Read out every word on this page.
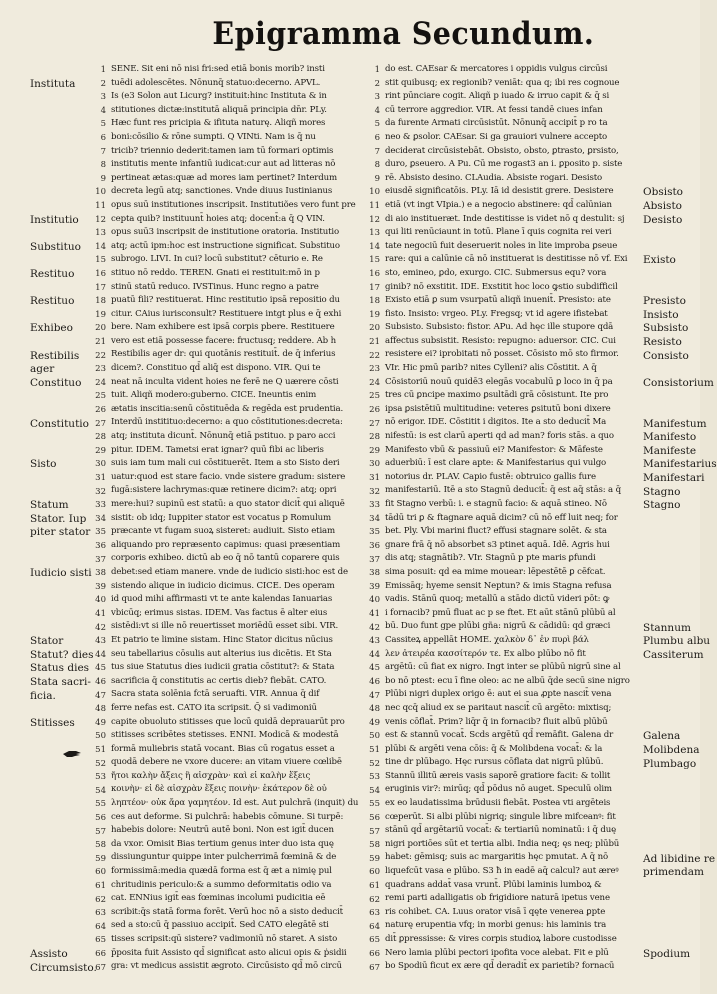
Epigramma Secundum.
Instituta
Institutio
Substituo
Restituo
Restituo
Exhibeo
Restibilis
ager
Constituo
Constitutio
Sisto
Statum
Stator. Iup
piter stator
Iudicio sisti
Stator
Statut? dies
Status dies
Stata sacri-
ficia.
Stitisses
Assisto
Circumsisto.
Obsisto
Absisto
Desisto
Existo
Presisto
Insisto
Subsisto
Resisto
Consisto
Consistorium
Manifestum
Manifesto
Manifeste
Manifestarius
Manifestari
Stagno
Stagno
Stannum
Plumbu albu
Cassiterum
Galena
Molibdena
Plumbago
Ad libidine re
primendam
Spodium
1
2
3
4
5
6
7
8
9
10
11
12
13
14
15
16
17
18
19
20
21
22
23
24
25
26
27
28
29
30
31
32
33
34
35
36
37
38
39
40
41
42
43
44
45
46
47
48
49
50
51
52
53
54
55
56
57
58
59
60
61
62
63
64
65
66
67
1
2
3
4
5
6
7
8
9
10
11
12
13
14
15
16
17
18
19
20
21
22
23
24
25
26
27
28
29
30
31
32
33
34
35
36
37
38
39
40
41
42
43
44
45
46
47
48
49
50
51
52
53
54
55
56
57
58
59
60
61
62
63
64
65
66
67
SENE. Sit eni nō nisi fri:sed etiā bonis morib? insti
tuēdi adolescētes. Nōnunq̄ statuo:decerno. APVL.
Is (e3 Solon aut Licurg? instituit:hinc Instituta & in
stitutiones dictæ:institutā aliquā principia dn̄r. PLy.
Hæc funt res pricipia & ifituta naturę. Aliqñ mores
boni:cōsilio & rōne sumpti. Q VINti. Nam is q̄ nu
tricib? triennio dederit:tamen iam tū formari optimis
institutis mente infantiū iudicat:cur aut ad litteras nō
pertineat ætas:quæ ad mores iam pertinet? Interdum
decreta legū atq; sanctiones. Vnde diuus Iustinianus
opus suū institutiones inscripsit. Institutiões vero funt pre
cepta quib? instituunt̄ hoies atq; docent̄:a q̄ Q VIN.
opus suū3 inscripsit de institutione oratoria. Institutio
atq; actū ipm:hoc est instructione significat. Substituo
subrogo. LIVI. In cui? locū substitut? cēturio e. Re
stituo nō reddo. TEREN. Gnati ei restituit:mō in p
stinū statū reduco. IVSTinus. Hunc regno a patre
puatū fili? restituerat. Hinc restitutio ipsā repositio du
citur. CAius iurisconsult? Restituere intgt plus e q̄ exhi
bere. Nam exhibere est ipsā corpis pbere. Restituere
vero est etiā possesse facere: fructusq; reddere. Ab h
Restibilis ager dr: qui quotānis restituit̄. de q̄ inferius
dicem?. Constituo qd̄ aliq̄ est dispono. VIR. Qui te
neat nā inculta vident hoies ne ferē ne Q uærere cōsti
tuit. Aliqñ modero:guberno. CICE. Ineuntis enim
ætatis inscitia:senū cōstituēda & regēda est prudentia.
Interdū institituo:decerno: a quo cōstitutiones:decreta:
atq; instituta dicunt̄. Nōnunq̄ etiā pstituo. p paro acci
pitur. IDEM. Tametsi erat ignar? quū fibi ac liberis
suis iam tum mali cui cōstituerēt. Item a sto Sisto deri
uatur:quod est stare facio. vnde sistere gradum: sistere
fugā:sistere lachrymas:quæ retinere dicim?: atq; opri
mere:hui? supinū est statū: a quo stator dicit̄ qui aliquē
sistit: ob idq; Iuppiter stator est vocatus p Romulum
præcante vt fugam suoꝝ sisteret: audiuit. Sisto etiam
aliquando pro repræsento capimus: quasi præsentiam
corporis exhibeo. dictū ab eo q̄ nō tantū coparere quis
debet:sed etiam manere. vnde de iudicio sisti:hoc est de
sistendo alique in iudicio dicimus. CICE. Des operam
id quod mihi affirmasti vt te ante kalendas Ianuarias
vbicūq; erimus sistas. IDEM. Vas factus ē alter eius
sistēdi:vt si ille nō reuertisset moriēdū esset sibi. VIR.
Et patrio te limine sistam. Hinc Stator dicitus nūcius
seu tabellarius cōsulis aut alterius ius dicētis. Et Sta
tus siue Statutus dies iudicii gratia cōstitut?: & Stata
sacrificia q̄ constitutis ac certis dieb? fiebāt. CATO.
Sacra stata solēnia fctā seruafti. VIR. Annua q̄ dif
ferre nefas est. CATO ita scripsit. Q̄ si vadimoniū
capite obuoluto stitisses que locū quidā deprauarūt pro
stitisses scribētes stetisses. ENNI. Modicā & modestā
formā muliebris statā vocant. Bias cū rogatus esset a
quodā debere ne vxore ducere: an vitam viuere cœlibē
ἤτοι καλὴν ἄξεις ἢ αἰσχρὰν· καὶ εἰ καλὴν ἕξεις
κοινὴν· εἰ δὲ αἰσχρὰν ἕξεις ποινὴν· ἑκάτερον δὲ οὐ
ληπτέον· οὐκ ἄρα γαμητέον. Id est. Aut pulchrā (inquit) du
ces aut deforme. Si pulchrā: habebis cōmune. Si turpē:
habebis dolore: Neutrū autē boni. Non est igit̄ ducen
da vxor. Omisit Bias tertium genus inter duo ista quę
dissiunguntur quippe inter pulcherrimā fœminā & de
formissimā:media quædā forma est q̄ æt a nimię pul
chritudinis periculo:& a summo deformitatis odio va
cat. ENNius igit̄ eas fœminas incolumi pudicitia eē
scribit:q̄s statā forma forēt. Verū hoc nō a sisto deducit̄
sed a sto:cū q̄ passiuo accipit̄. Sed CATO elegātē sti
tisses scripsit:qū sistere? vadimoniū nō staret. A sisto
p̄posita fuit Assisto qd̄ significat asto alicui opis & ṗsidii
gra: vt medicus assistit ægroto. Circūsisto qd̄ mō circū
do est. CAEsar & mercatores i oppidis vulgus circūsi
stit quibusq; ex regionib? veniāt: qua q; ibi res cognoue
rint pūnciare cogit. Aliqñ p iuado & irruo capit & q̄ si
cū terrore aggredior. VIR. At fessi tandē ciues infan
da furente Armati circūsistūt. Nōnunq̄ accipit̄ p ro ta
neo & ꝑsolor. CAEsar. Si ga grauiori vulnere accepto
deciderat circūsistebāt. Obsisto, obsto, ꝑtrasto, ꝑrsisto,
duro, ꝑseuero. A Pu. Cū me rogast3 an i. ꝑposito p. siste
rē. Absisto desino. CLAudia. Absiste rogari. Desisto
eiusdē significatōis. PLy. Iā id desistit grere. Desistere
etiā (vt ingt VIpia.) e a negocio abstinere: qd̄ calūnian
di aio institueræt. Inde destitisse is videt nō q destulit: sj
qui liti renūciaunt in totū. Plane ī quis cognita rei veri
tate negociū fuit deseruerit noles in lite improba ꝑseue
rare: qui a calūnie cā nō instituerat is destitisse nō vf. Exi
sto, emineo, ꝑdo, exurgo. CIC. Submersus equ? vora
ginib? nō exstitit. IDE. Exstitit hoc loco ꝙstio subdifficil
Existo etiā ꝑ sum vsurpatū aliqñ inuenit̄. Presisto: ate
fisto. Insisto: vrgeo. PLy. Fregsq; vt id agere ifistebat
Subsisto. Subsisto: fistor. APu. Ad hęc ille stupore qdā
affectus subsistit. Resisto: repugno: aduersor. CIC. Cui
resistere ei? iprobitati nō posset. Cōsisto mō sto firmor.
VIr. Hic pmū parib? nites Cylleni? alis Cōstitit. A q̄
Cōsistoriū nouū quidē3 elegās vocabulū ꝑ loco in q̄ pa
tres cū ꝑncipe maximo ꝑsultādi grā cōsistunt. Ite pro
ipsa ꝑsistētiū multitudine: veteres ꝑsitutū boni dixere
nō erigor. IDE. Cōstitit i digitos. Ite a sto deducit̄ Ma
nifestū: is est clarū aperti qd ad man? foris stās. a quo
Manifesto vbū & passiuū ei? Manifestor: & Māfeste
aduerbiū: ī est clare apte: & Manifestarius qui vulgo
notorius dr. PLAV. Capio fustē: obtruico gallis fure
manifestariū. Itē a sto Stagnū deducit̄: q̄ est aq̄ stās: a q̄
fit Stagno verbū: i. e stagnū facio: & aquā stineo. Nō
tādū tri ꝑ & ftagnare aquā dicim? cū nō eff luit neq; for
bet. Ply. Vbi marini fluct? effusi stagnare solēt. & sta
gnare frā q̄ nō absorbet s3 ptinet aquā. Idē. Agris hui
dis atq; stagnātib?. VIr. Stagnū p pte maris ꝑfundi
sima posuit: qd ea mime mouear: lēpestētē ꝑ cēfcat.
Emissāq; hyeme sensit Neptun? & imis Stagna refusa
vadis. Stānū quoq; metallū a stādo dictū videri pōt: ꝙ
i fornacib? pmū fluat ac p se ftet. Et aūt stānū plūbū al
bū. Duo funt gpe plūbi gña: nigrū & cādidū: qd græci
Cassiteꝝ appellāt HOME. χαλκὸν δ᾽ ἐν πυρὶ βάλ
λεν ἀτειρέα κασσίτερόν τε. Ex albo plūbo nō fit
argētū: cū fiat ex nigro. Ingt inter se plūbū nigrū sine al
bo nō ptest: ecu ī fine oleo: ac ne albū q̄de secū sine nigro
Plūbi nigri duplex origo ē: aut ei sua ꝓpte nascit̄ vena
nec qcq̄ aliud ex se paritaut nascit̄ cū argēto: mixtisq;
venis cōflat̄. Prim? liq̄r q̄ in fornacib? fluit albū plūbū
est & stannū vocat̄. Scds argētū qd̄ remāfit. Galena dr
plūbi & argēti vena cōis: q̄ & Molibdena vocat̄: & la
tine dr plūbago. Hęc rursus cōflata dat nigrū plūbū.
Stannū illitū æreis vasis saporē gratiore facit: & tollit
eruginis vir?: mirūq; qd̄ pōdus nō auget. Speculū olim
ex eo laudatissima brūdusii fiebāt. Postea vti argēteis
cœperūt. Si albi plūbi nigriq; singule libre mifceanꝰ: fit
stānū qd̄ argētariū vocat̄: & tertiariū nominatū: i q̄ duę
nigri portiōes sūt et tertia albi. India neq; ęs neq; plūbū
habet: gēmisq; suis ac margaritis hęc pmutat. A q̄ nō
liquefcūt vasa e plūbo. S3 ħ in eadē aq̄ calcul? aut æreꝰ
quadrans addat̄ vasa vrunt̄. Plūbi laminis lumboꝝ &
remi parti adalligatis ob frigidiore naturā ipetus vene
ris cohibet. CA. Luus orator visā ī qęte venerea ꝑpte
naturę erupentia vfq; in morbi genus: his laminis tra
dit̄ ꝑpressisse: & vires corpis studioꝝ labore custodisse
Nero lamia plūbi pectori ipofita voce alebat. Fit e plū
bo Spodiū ficut ex ære qd̄ deradit̄ ex parietib? fornacū
